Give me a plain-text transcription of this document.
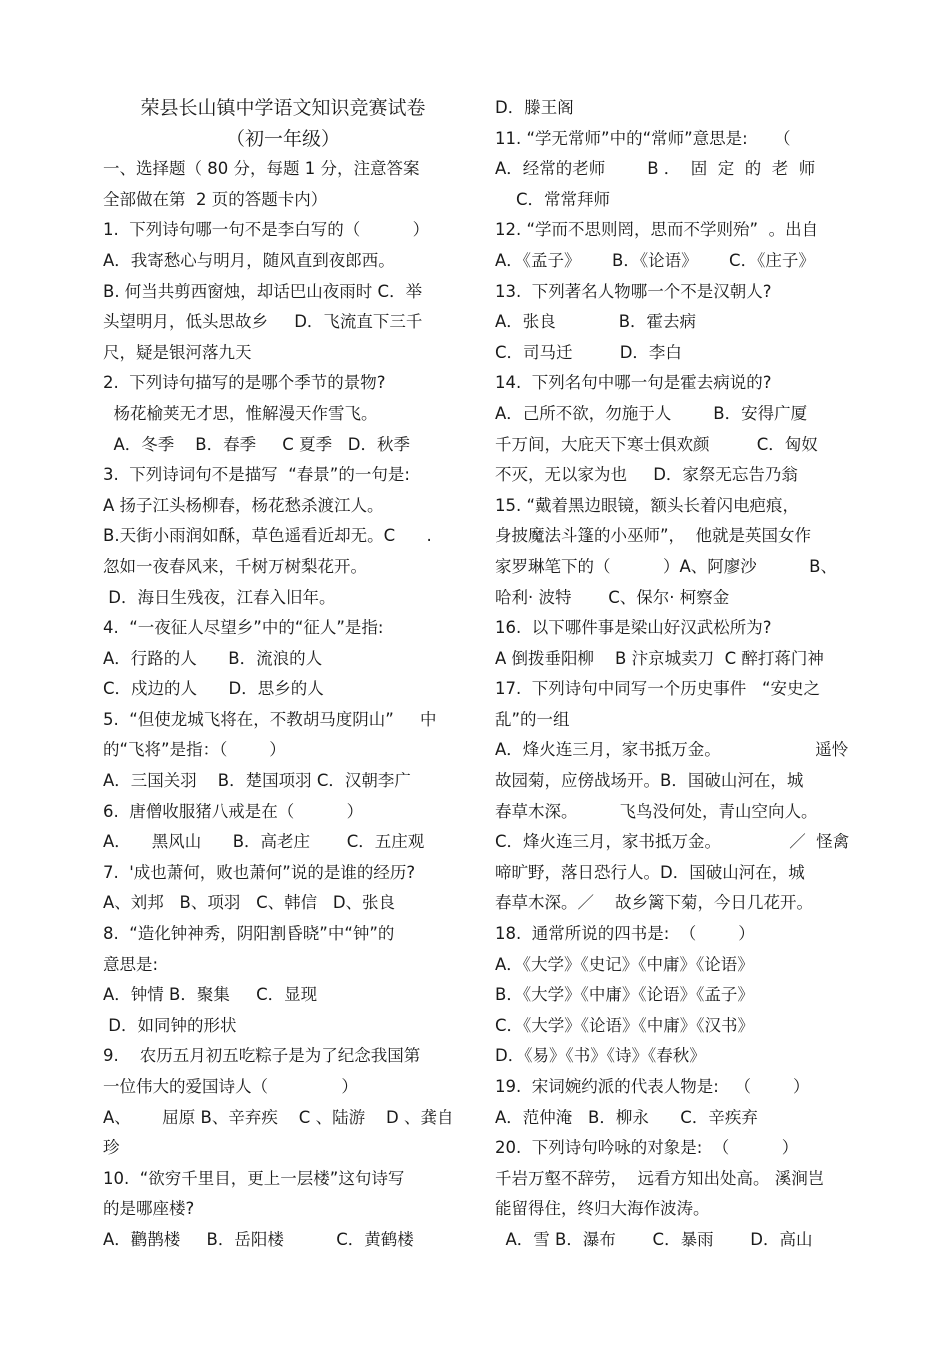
荣县长山镇中学语文知识竞赛试卷
（初一年级）
一、选择题（ 80 分，每题 1 分，注意答案
全部做在第  2 页的答题卡内）
1.  下列诗句哪一句不是李白写的（          ）
A．我寄愁心与明月，随风直到夜郎西。
B. 何当共剪西窗烛，却话巴山夜雨时 C．举
头望明月，低头思故乡     D．飞流直下三千
尺，疑是银河落九天
2.  下列诗句描写的是哪个季节的景物?
杨花榆荚无才思，惟解漫天作雪飞。
A．冬季    B．春季     C 夏季   D．秋季
3.  下列诗词句不是描写  “春景”的一句是:
A 扬子江头杨柳春，杨花愁杀渡江人。
B.天街小雨润如酥，草色遥看近却无。C      .
忽如一夜春风来，千树万树梨花开。
D．海日生残夜，江春入旧年。
4.  “一夜征人尽望乡”中的“征人”是指:
A．行路的人      B．流浪的人
C．戍边的人      D．思乡的人
5.  “但使龙城飞将在，不教胡马度阴山”     中
的“飞将”是指：（        ）
A．三国关羽    B．楚国项羽 C．汉朝李广
6.  唐僧收服猪八戒是在（          ）
A．    黑风山      B．高老庄       C．五庄观
7.  '成也萧何，败也萧何”说的是谁的经历?
A、刘邦   B、项羽   C、韩信   D、张良
8.  “造化钟神秀，阴阳割昏晓”中“钟”的
意思是:
A．钟情 B．聚集     C．显现
D．如同钟的形状
9.    农历五月初五吃粽子是为了纪念我国第
一位伟大的爱国诗人（              ）
A、      屈原 B、辛弃疾    C 、陆游    D 、龚自
珍
10.  “欲穷千里目，更上一层楼”这句诗写
的是哪座楼?
A．鹳鹊楼     B．岳阳楼          C．黄鹤楼
D．滕王阁
11. “学无常师”中的“常师”意思是:     （
A．经常的老师        B ．  固  定  的  老  师
C．常常拜师
12. “学而不思则罔，思而不学则殆”  。出自
A．《孟子》      B．《论语》      C．《庄子》
13.  下列著名人物哪一个不是汉朝人?
A．张良            B．霍去病
C．司马迁         D．李白
14.  下列名句中哪一句是霍去病说的?
A．己所不欲，勿施于人        B．安得广厦
千万间，大庇天下寒士俱欢颜         C．匈奴
不灭，无以家为也     D．家祭无忘告乃翁
15. “戴着黑边眼镜，额头长着闪电疤痕，
身披魔法斗篷的小巫师”，  他就是英国女作
家罗琳笔下的（          ）A、阿廖沙          B、
哈利· 波特       C、保尔· 柯察金
16.  以下哪件事是梁山好汉武松所为?
A 倒拨垂阳柳    B 汴京城卖刀  C 醉打蒋门神
17.  下列诗句中同写一个历史事件   “安史之
乱”的一组
A．烽火连三月，家书抵万金。                  遥怜
故园菊，应傍战场开。B．国破山河在，城
春草木深。        飞鸟没何处，青山空向人。
C．烽火连三月，家书抵万金。             ／  怪禽
啼旷野，落日恐行人。D．国破山河在，城
春草木深。／    故乡篱下菊，今日几花开。
18.  通常所说的四书是:  （        ）
A．《大学》《史记》《中庸》《论语》
B．《大学》《中庸》《论语》《孟子》
C．《大学》《论语》《中庸》《汉书》
D．《易》《书》《诗》《春秋》
19.  宋词婉约派的代表人物是:   （        ）
A．范仲淹   B．柳永      C．辛疾弃
20.  下列诗句吟咏的对象是:  （          ）
千岩万壑不辞劳，  远看方知出处高。 溪涧岂
能留得住，终归大海作波涛。
A．雪 B．瀑布       C．暴雨       D．高山
